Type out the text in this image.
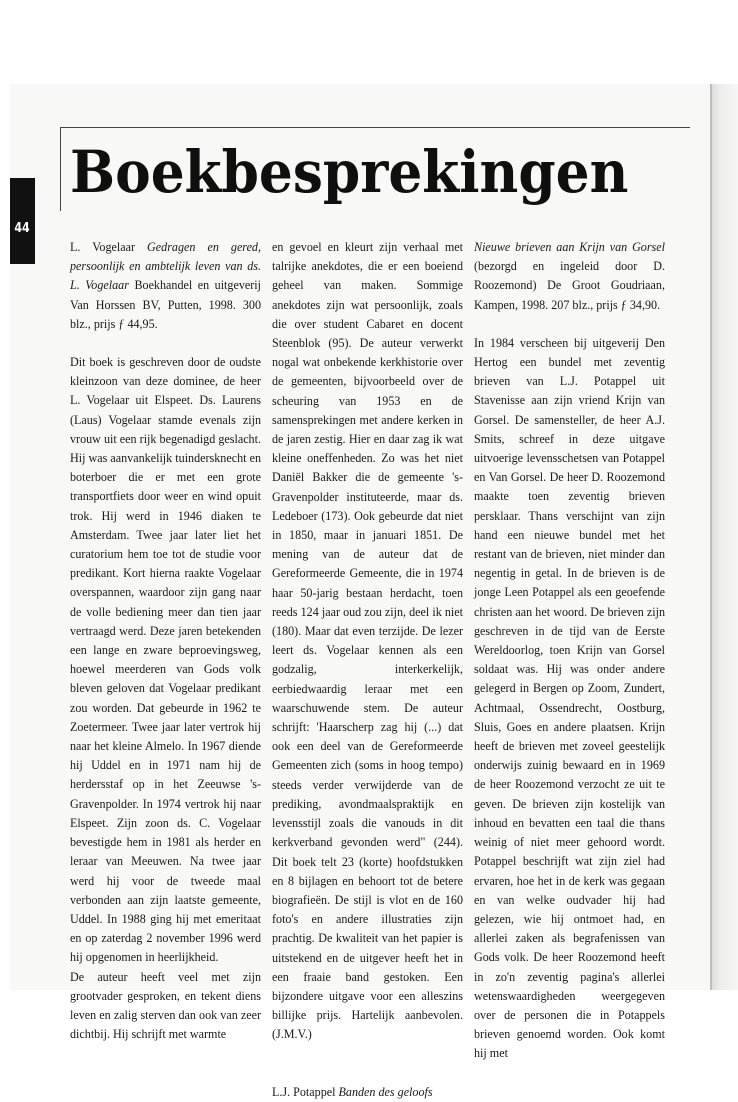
44
Boekbesprekingen

L. Vogelaar Gedragen en gered, persoonlijk en ambtelijk leven van ds. L. Vogelaar Boekhandel en uitgeverij Van Horssen BV, Putten, 1998. 300 blz., prijs ƒ 44,95.

Dit boek is geschreven door de oudste kleinzoon van deze dominee, de heer L. Vogelaar uit Elspeet. Ds. Laurens (Laus) Vogelaar stamde evenals zijn vrouw uit een rijk begenadigd geslacht. Hij was aanvankelijk tuindersknecht en boterboer die er met een grote transportfiets door weer en wind opuit trok. Hij werd in 1946 diaken te Amsterdam. Twee jaar later liet het curatorium hem toe tot de studie voor predikant. Kort hierna raakte Vogelaar overspannen, waardoor zijn gang naar de volle bediening meer dan tien jaar vertraagd werd. Deze jaren betekenden een lange en zware beproevingsweg, hoewel meerderen van Gods volk bleven geloven dat Vogelaar predikant zou worden. Dat gebeurde in 1962 te Zoetermeer. Twee jaar later vertrok hij naar het kleine Almelo. In 1967 diende hij Uddel en in 1971 nam hij de herdersstaf op in het Zeeuwse 's-Gravenpolder. In 1974 vertrok hij naar Elspeet. Zijn zoon ds. C. Vogelaar bevestigde hem in 1981 als herder en leraar van Meeuwen. Na twee jaar werd hij voor de tweede maal verbonden aan zijn laatste gemeente, Uddel. In 1988 ging hij met emeritaat en op zaterdag 2 november 1996 werd hij opgenomen in heerlijkheid.

De auteur heeft veel met zijn grootvader gesproken, en tekent diens leven en zalig sterven dan ook van zeer dichtbij. Hij schrijft met warmte

en gevoel en kleurt zijn verhaal met talrijke anekdotes, die er een boeiend geheel van maken. Sommige anekdotes zijn wat persoonlijk, zoals die over student Cabaret en docent Steenblok (95). De auteur verwerkt nogal wat onbekende kerkhistorie over de gemeenten, bijvoorbeeld over de scheuring van 1953 en de samensprekingen met andere kerken in de jaren zestig. Hier en daar zag ik wat kleine oneffenheden. Zo was het niet Daniël Bakker die de gemeente 's-Gravenpolder instituteerde, maar ds. Ledeboer (173). Ook gebeurde dat niet in 1850, maar in januari 1851. De mening van de auteur dat de Gereformeerde Gemeente, die in 1974 haar 50-jarig bestaan herdacht, toen reeds 124 jaar oud zou zijn, deel ik niet (180). Maar dat even terzijde. De lezer leert ds. Vogelaar kennen als een godzalig, interkerkelijk, eerbiedwaardig leraar met een waarschuwende stem. De auteur schrijft: 'Haarscherp zag hij (...) dat ook een deel van de Gereformeerde Gemeenten zich (soms in hoog tempo) steeds verder verwijderde van de prediking, avondmaalspraktijk en levensstijl zoals die vanouds in dit kerkverband gevonden werd" (244). Dit boek telt 23 (korte) hoofdstukken en 8 bijlagen en behoort tot de betere biografieën. De stijl is vlot en de 160 foto's en andere illustraties zijn prachtig. De kwaliteit van het papier is uitstekend en de uitgever heeft het in een fraaie band gestoken. Een bijzondere uitgave voor een alleszins billijke prijs. Hartelijk aanbevolen. (J.M.V.)

L.J. Potappel Banden des geloofs

Nieuwe brieven aan Krijn van Gorsel (bezorgd en ingeleid door D. Roozemond) De Groot Goudriaan, Kampen, 1998. 207 blz., prijs ƒ 34,90.

In 1984 verscheen bij uitgeverij Den Hertog een bundel met zeventig brieven van L.J. Potappel uit Stavenisse aan zijn vriend Krijn van Gorsel. De samensteller, de heer A.J. Smits, schreef in deze uitgave uitvoerige levensschetsen van Potappel en Van Gorsel. De heer D. Roozemond maakte toen zeventig brieven persklaar. Thans verschijnt van zijn hand een nieuwe bundel met het restant van de brieven, niet minder dan negentig in getal. In de brieven is de jonge Leen Potappel als een geoefende christen aan het woord. De brieven zijn geschreven in de tijd van de Eerste Wereldoorlog, toen Krijn van Gorsel soldaat was. Hij was onder andere gelegerd in Bergen op Zoom, Zundert, Achtmaal, Ossendrecht, Oostburg, Sluis, Goes en andere plaatsen. Krijn heeft de brieven met zoveel geestelijk onderwijs zuinig bewaard en in 1969 de heer Roozemond verzocht ze uit te geven. De brieven zijn kostelijk van inhoud en bevatten een taal die thans weinig of niet meer gehoord wordt. Potappel beschrijft wat zijn ziel had ervaren, hoe het in de kerk was gegaan en van welke oudvader hij had gelezen, wie hij ontmoet had, en allerlei zaken als begrafenissen van Gods volk. De heer Roozemond heeft in zo'n zeventig pagina's allerlei wetenswaardigheden weergegeven over de personen die in Potappels brieven genoemd worden. Ook komt hij met
